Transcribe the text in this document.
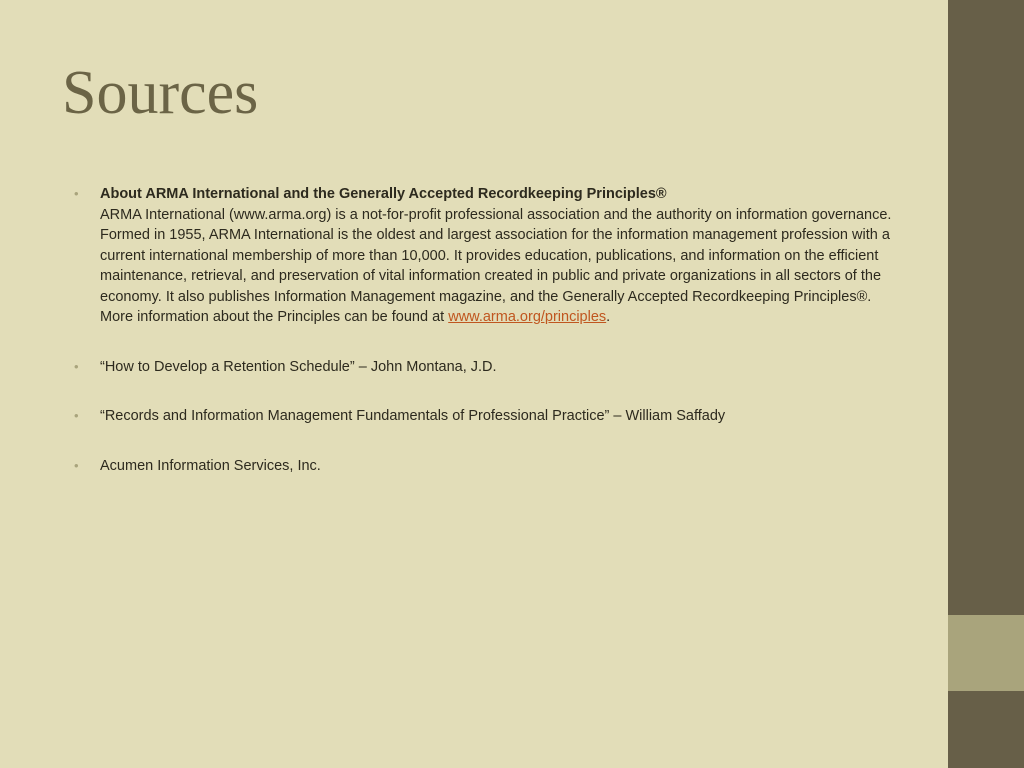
Sources
• About ARMA International and the Generally Accepted Recordkeeping Principles®
ARMA International (www.arma.org) is a not-for-profit professional association and the authority on information governance. Formed in 1955, ARMA International is the oldest and largest association for the information management profession with a current international membership of more than 10,000. It provides education, publications, and information on the efficient maintenance, retrieval, and preservation of vital information created in public and private organizations in all sectors of the economy. It also publishes Information Management magazine, and the Generally Accepted Recordkeeping Principles®. More information about the Principles can be found at www.arma.org/principles.
• “How to Develop a Retention Schedule” – John Montana, J.D.
• “Records and Information Management Fundamentals of Professional Practice” – William Saffady
• Acumen Information Services, Inc.
